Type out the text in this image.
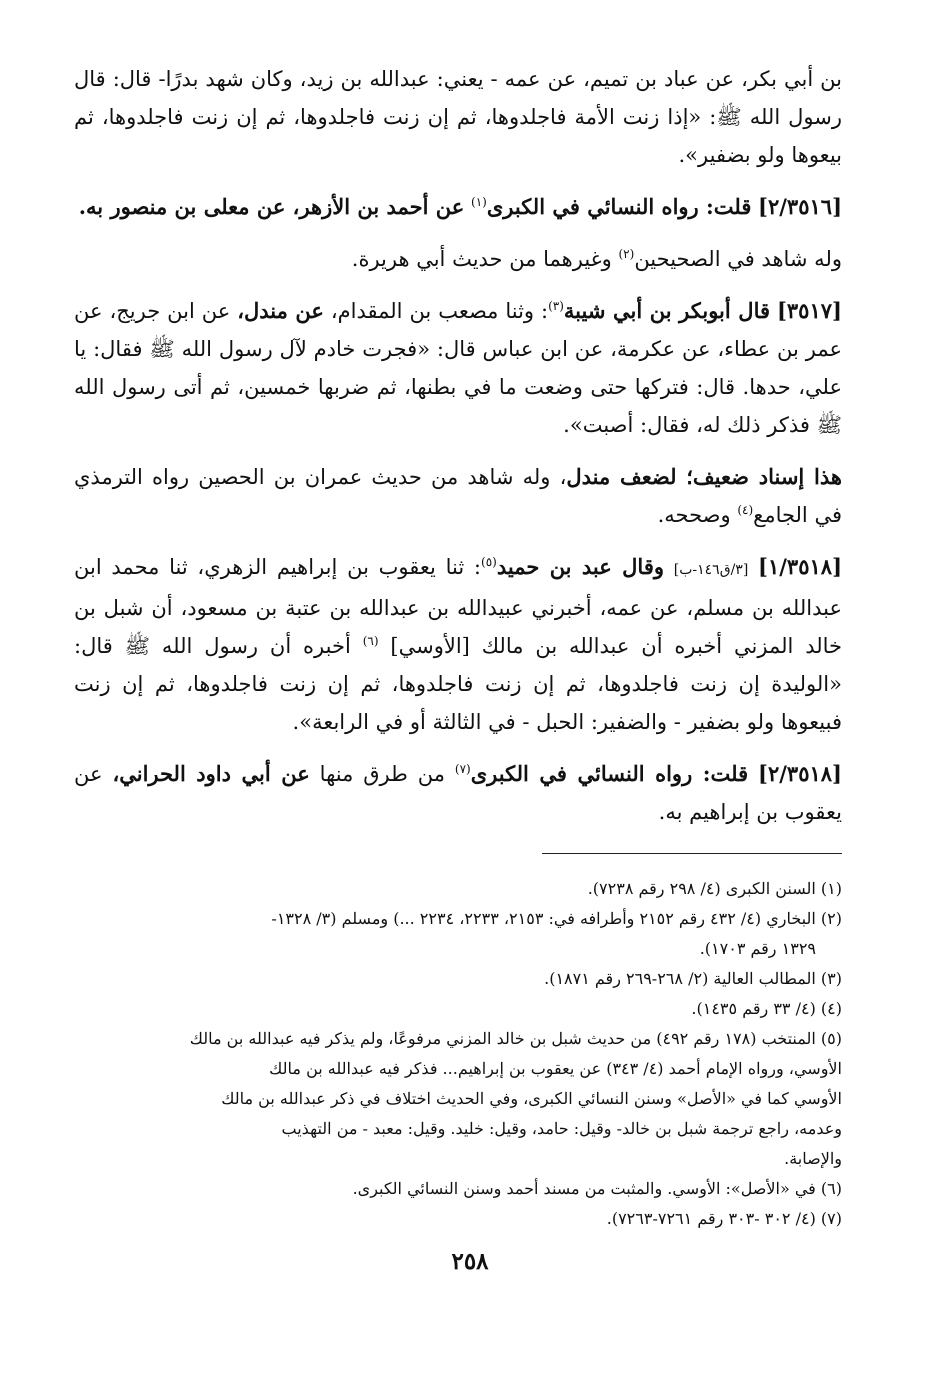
بن أبي بكر، عن عباد بن تميم، عن عمه - يعني: عبدالله بن زيد، وكان شهد بدرًا- قال: قال رسول الله ﷺ: «إذا زنت الأمة فاجلدوها، ثم إن زنت فاجلدوها، ثم إن زنت فاجلدوها، ثم بيعوها ولو بضفير».

[٢/٣٥١٦] قلت: رواه النسائي في الكبرى$^{(١)}$ عن أحمد بن الأزهر، عن معلى بن منصور به.

وله شاهد في الصحيحين$^{(٢)}$ وغيرهما من حديث أبي هريرة.

[٣٥١٧] قال أبوبكر بن أبي شيبة$^{(٣)}$: وثنا مصعب بن المقدام، عن مندل، عن ابن جريج، عن عمر بن عطاء، عن عكرمة، عن ابن عباس قال: «فجرت خادم لآل رسول الله ﷺ فقال: يا علي، حدها. قال: فتركها حتى وضعت ما في بطنها، ثم ضربها خمسين، ثم أتى رسول الله ﷺ فذكر ذلك له، فقال: أصبت».

هذا إسناد ضعيف؛ لضعف مندل، وله شاهد من حديث عمران بن الحصين رواه الترمذي في الجامع$^{(٤)}$ وصححه.

[١/٣٥١٨] [٣/ق١٤٦-ب] وقال عبد بن حميد$^{(٥)}$: ثنا يعقوب بن إبراهيم الزهري، ثنا محمد ابن عبدالله بن مسلم، عن عمه، أخبرني عبيدالله بن عبدالله بن عتبة بن مسعود، أن شبل بن خالد المزني أخبره أن عبدالله بن مالك [الأوسي] $^{(٦)}$ أخبره أن رسول الله ﷺ قال: «الوليدة إن زنت فاجلدوها، ثم إن زنت فاجلدوها، ثم إن زنت فاجلدوها، ثم إن زنت فبيعوها ولو بضفير - والضفير: الحبل - في الثالثة أو في الرابعة».

[٢/٣٥١٨] قلت: رواه النسائي في الكبرى$^{(٧)}$ من طرق منها عن أبي داود الحراني، عن يعقوب بن إبراهيم به.

(١) السنن الكبرى (٤/ ٢٩٨ رقم ٧٢٣٨).
(٢) البخاري (٤/ ٤٣٢ رقم ٢١٥٢ وأطرافه في: ٢١٥٣، ٢٢٣٣، ٢٢٣٤ ...) ومسلم (٣/ ١٣٢٨-
١٣٢٩ رقم ١٧٠٣).
(٣) المطالب العالية (٢/ ٢٦٨-٢٦٩ رقم ١٨٧١).
(٤) (٤/ ٣٣ رقم ١٤٣٥).
(٥) المنتخب (١٧٨ رقم ٤٩٢) من حديث شبل بن خالد المزني مرفوعًا، ولم يذكر فيه عبدالله بن مالك
الأوسي، ورواه الإمام أحمد (٤/ ٣٤٣) عن يعقوب بن إبراهيم... فذكر فيه عبدالله بن مالك
الأوسي كما في «الأصل» وسنن النسائي الكبرى، وفي الحديث اختلاف في ذكر عبدالله بن مالك
وعدمه، راجع ترجمة شبل بن خالد- وقيل: حامد، وقيل: خليد. وقيل: معبد - من التهذيب
والإصابة.
(٦) في «الأصل»: الأوسي. والمثبت من مسند أحمد وسنن النسائي الكبرى.
(٧) (٤/ ٣٠٢ -٣٠٣ رقم ٧٢٦١-٧٢٦٣).
٢٥٨
